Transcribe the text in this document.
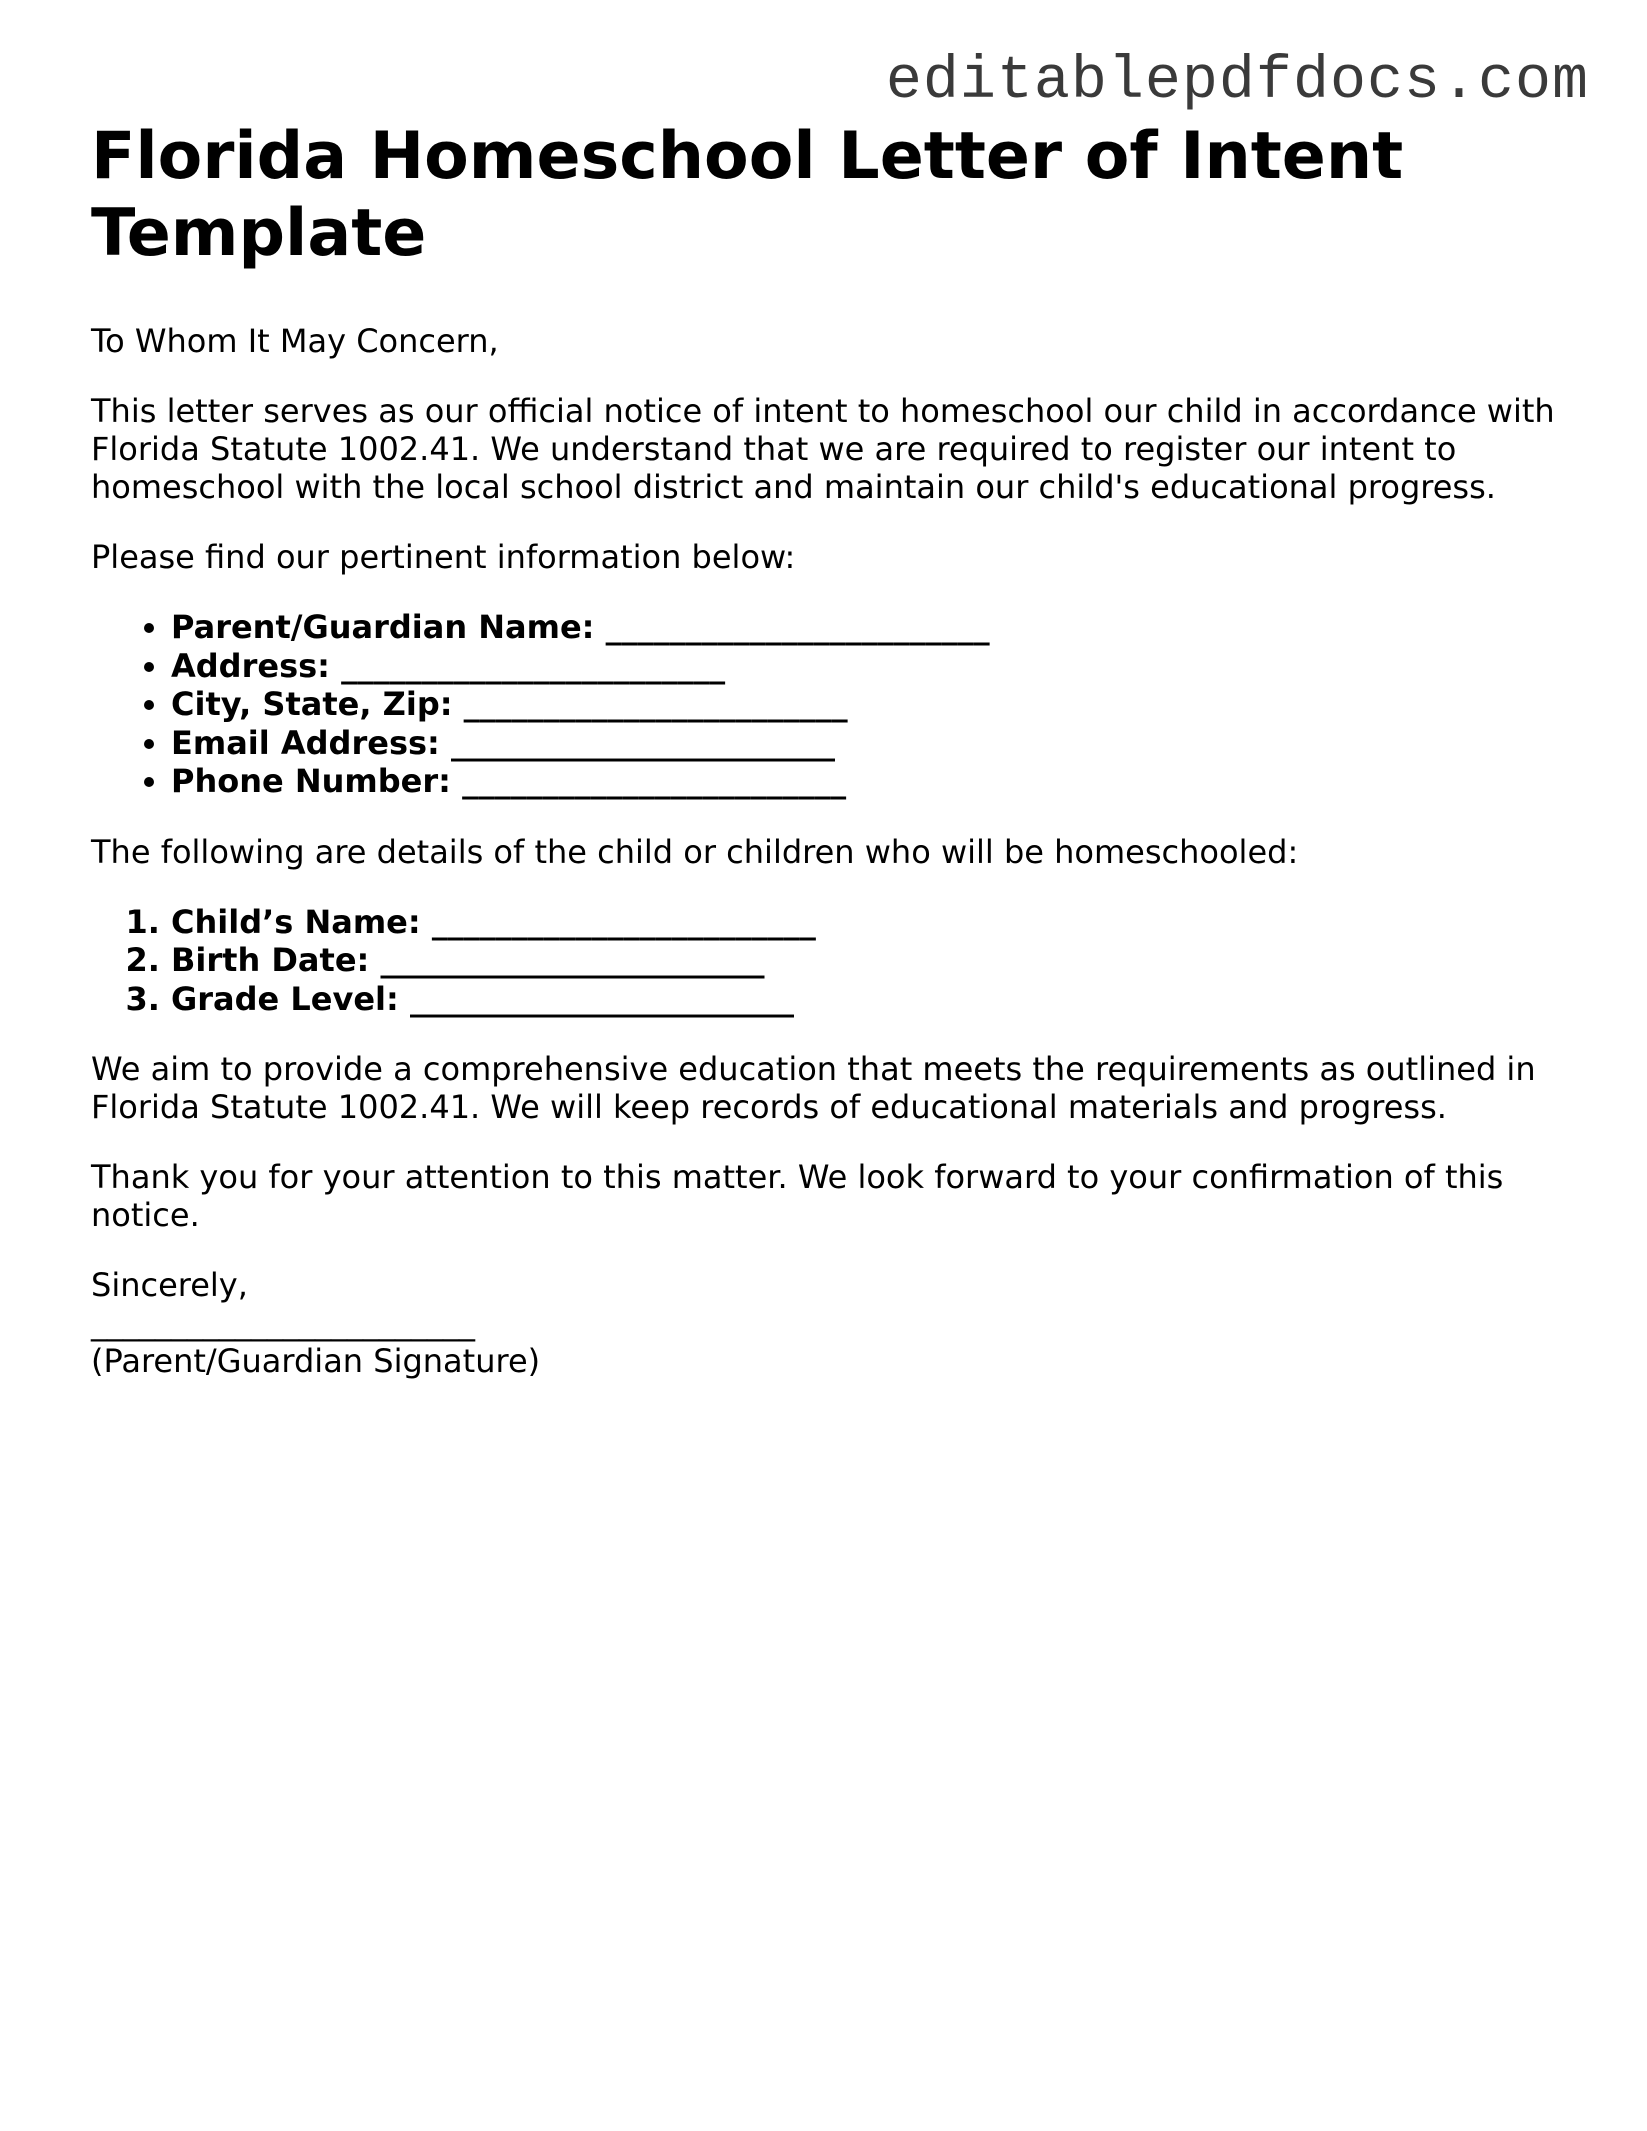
editablepdfdocs.com
Florida Homeschool Letter of Intent Template

To Whom It May Concern,

This letter serves as our official notice of intent to homeschool our child in accordance with Florida Statute 1002.41. We understand that we are required to register our intent to homeschool with the local school district and maintain our child's educational progress.

Please find our pertinent information below:

• Parent/Guardian Name: ________________________
• Address: ________________________
• City, State, Zip: ________________________
• Email Address: ________________________
• Phone Number: ________________________

The following are details of the child or children who will be homeschooled:

1. Child’s Name: ________________________
2. Birth Date: ________________________
3. Grade Level: ________________________

We aim to provide a comprehensive education that meets the requirements as outlined in Florida Statute 1002.41. We will keep records of educational materials and progress.

Thank you for your attention to this matter. We look forward to your confirmation of this notice.

Sincerely,

________________________

(Parent/Guardian Signature)
